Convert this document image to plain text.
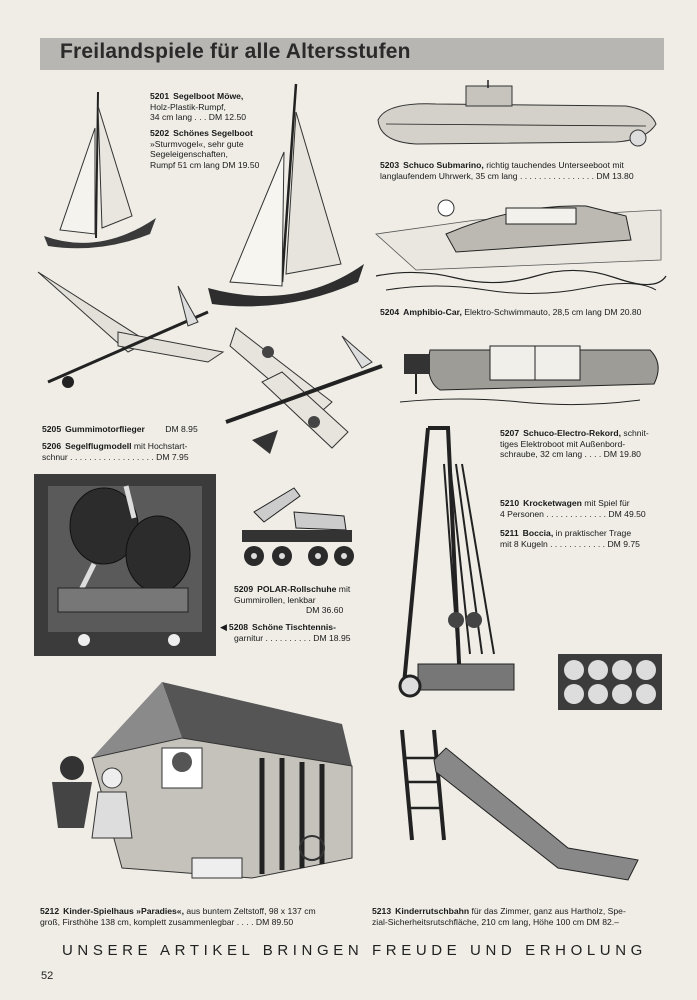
Freilandspiele für alle Altersstufen
5201 Segelboot Möwe,
Holz-Plastik-Rumpf,
34 cm lang . . . DM 12.50
5202 Schönes Segelboot
»Sturmvogel«, sehr gute
Segeleigenschaften,
Rumpf 51 cm lang DM 19.50	5203 Schuco Submarino, richtig tauchendes Unterseeboot mit
langlaufendem Uhrwerk, 35 cm lang . . . . . . . . . . . . . . . . DM 13.80
5204 Amphibio-Car, Elektro-Schwimmauto, 28,5 cm lang DM 20.80
5205 Gummimotorflieger DM 8.95
5206 Segelflugmodell mit Hochstart-
schnur . . . . . . . . . . . . . . . . . . DM 7.95
5207 Schuco-Electro-Rekord, schnit-
tiges Elektroboot mit Außenbord-
schraube, 32 cm lang . . . . DM 19.80
5209 POLAR-Rollschuhe mit
Gummirollen, lenkbar
DM 36.60
◀ 5208 Schöne Tischtennis-
garnitur . . . . . . . . . . DM 18.95
5210 Krocketwagen mit Spiel für
4 Personen . . . . . . . . . . . . . DM 49.50
5211 Boccia, in praktischer Trage
mit 8 Kugeln . . . . . . . . . . . . DM 9.75
5212 Kinder-Spielhaus »Paradies«, aus buntem Zeltstoff, 98 x 137 cm
groß, Firsthöhe 138 cm, komplett zusammenlegbar . . . . DM 89.50
5213 Kinderrutschbahn für das Zimmer, ganz aus Hartholz, Spe-
zial-Sicherheitsrutschfläche, 210 cm lang, Höhe 100 cm DM 82.–
UNSERE ARTIKEL BRINGEN FREUDE UND ERHOLUNG
52
